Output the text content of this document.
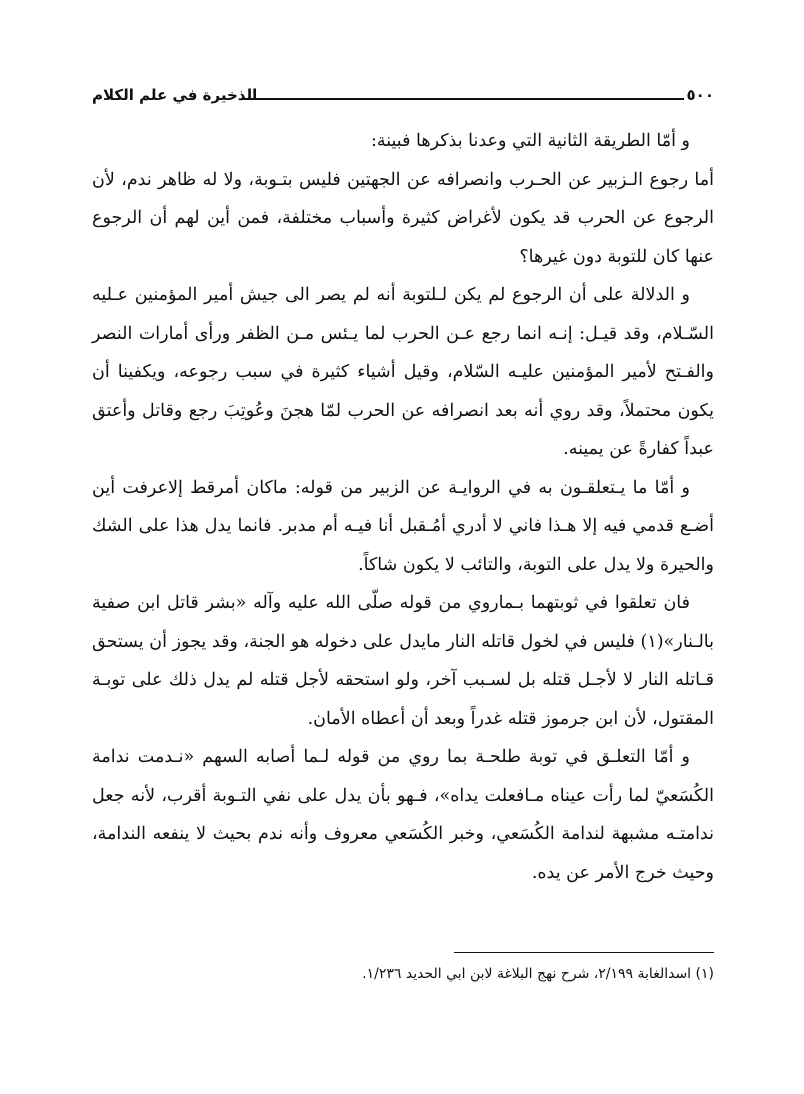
٥٠٠
الذخيرة في علم الكلام

و أمّا الطريقة الثانية التي وعدنا بذكرها فبينة:

أما رجوع الـزبير عن الحـرب وانصرافه عن الجهتين فليس بتـوبة، ولا له ظاهر ندم، لأن الرجوع عن الحرب قد يكون لأغراض كثيرة وأسباب مختلفة، فمن أين لهم أن الرجوع عنها كان للتوبة دون غيرها؟

و الدلالة على أن الرجوع لم يكن لـلتوبة أنه لم يصر الى جيش أمير المؤمنين عـليه السّـلام، وقد قيـل: إنـه انما رجع عـن الحرب لما يـئس مـن الظفر ورأى أمارات النصر والفـتح لأمير المؤمنين عليـه السّلام، وقيل أشياء كثيرة في سبب رجوعه، ويكفينا أن يكون محتملاً، وقد روي أنه بعد انصرافه عن الحرب لمّا هجنَ وعُوتِبَ رجع وقاتل وأعتق عبداً كفارةً عن يمينه.

و أمّا ما يـتعلقـون به في الروايـة عن الزبير من قوله: ماكان أمرقط إلاعرفت أين أضـع قدمي فيه إلا هـذا فاني لا أدري أمُـقبل أنا فيـه أم مدبر. فانما يدل هذا على الشك والحيرة ولا يدل على التوبة، والتائب لا يكون شاكاً.

فان تعلقوا في ثوبتهما بـماروي من قوله صلّى الله عليه وآله «بشر قاتل ابن صفية بالـنار»(١) فليس في لخول قاتله النار مايدل على دخوله هو الجنة، وقد يجوز أن يستحق قـاتله النار لا لأجـل قتله بل لسـبب آخر، ولو استحقه لأجل قتله لم يدل ذلك على توبـة المقتول، لأن ابن جرموز قتله غدراً وبعد أن أعطاه الأمان.

و أمّا التعلـق في توبة طلحـة بما روي من قوله لـما أصابه السهم «نـدمت ندامة الكُسَعيّ لما رأت عيناه مـافعلت يداه»، فـهو بأن يدل على نفي التـوبة أقرب، لأنه جعل ندامتـه مشبهة لندامة الكُسَعي، وخبر الكُسَعي معروف وأنه ندم بحيث لا ينفعه الندامة، وحيث خرج الأمر عن يده.

(١) اسدالغابة ٢/١٩٩، شرح نهج البلاغة لابن ابي الحديد ١/٢٣٦.
